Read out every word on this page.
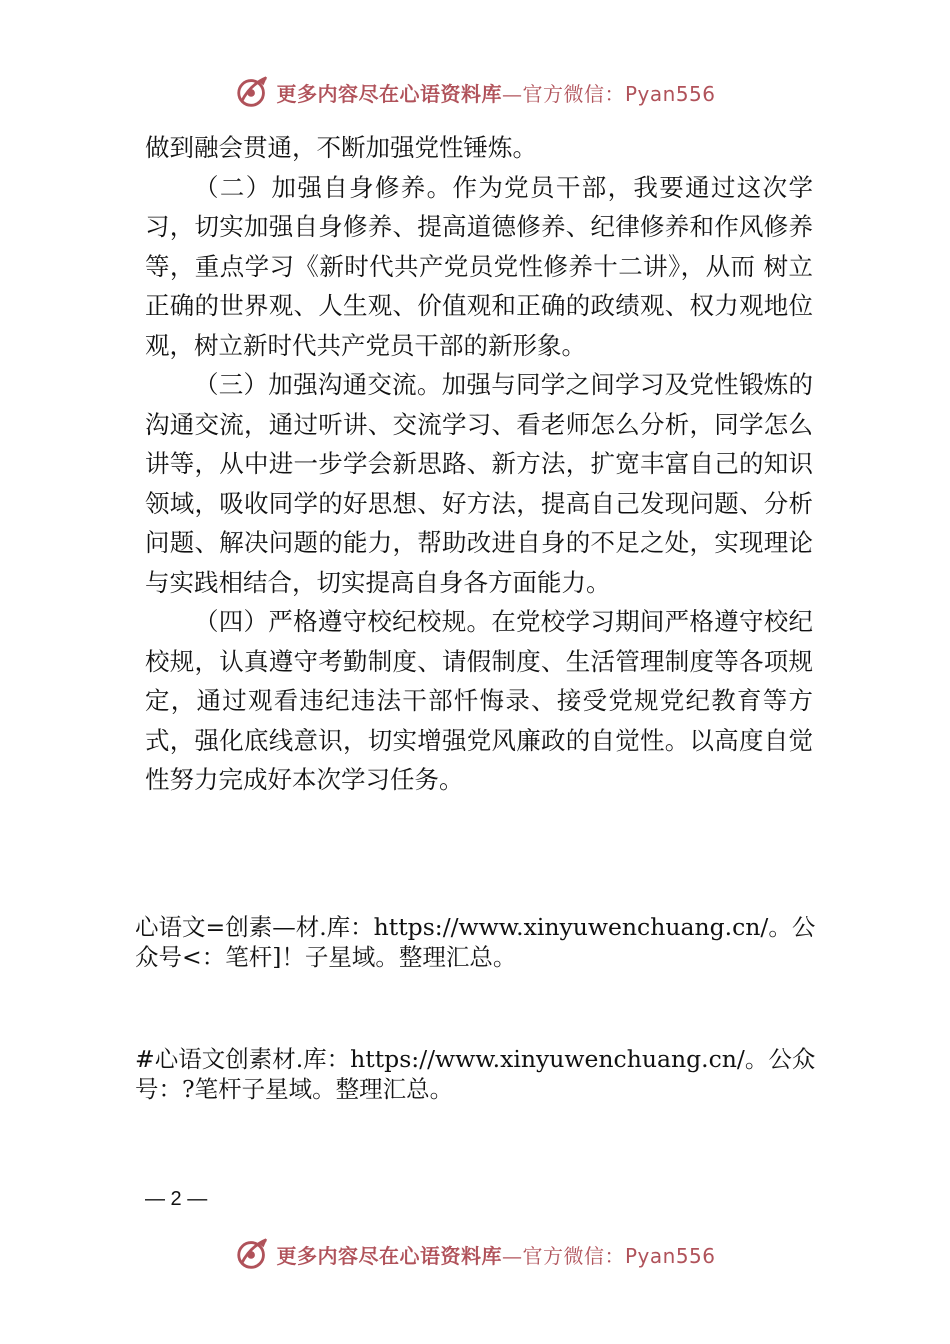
更多内容尽在心语资料库—官方微信：Pyan556

做到融会贯通，不断加强党性锤炼。

（二）加强自身修养。作为党员干部，我要通过这次学习，切实加强自身修养、提高道德修养、纪律修养和作风修养等，重点学习《新时代共产党员党性修养十二讲》，从而 树立正确的世界观、人生观、价值观和正确的政绩观、权力观地位观，树立新时代共产党员干部的新形象。

（三）加强沟通交流。加强与同学之间学习及党性锻炼的沟通交流，通过听讲、交流学习、看老师怎么分析，同学怎么讲等，从中进一步学会新思路、新方法，扩宽丰富自己的知识领域，吸收同学的好思想、好方法，提高自己发现问题、分析问题、解决问题的能力，帮助改进自身的不足之处，实现理论与实践相结合，切实提高自身各方面能力。

（四）严格遵守校纪校规。在党校学习期间严格遵守校纪校规，认真遵守考勤制度、请假制度、生活管理制度等各项规定，通过观看违纪违法干部忏悔录、接受党规党纪教育等方式，强化底线意识，切实增强党风廉政的自觉性。以高度自觉性努力完成好本次学习任务。

心语文=创素—材.库：https://www.xinyuwenchuang.cn/。公众号<：笔杆]！子星域。整理汇总。
#心语文创素材.库：https://www.xinyuwenchuang.cn/。公众号：?笔杆子星域。整理汇总。
— 2 —
更多内容尽在心语资料库—官方微信：Pyan556
